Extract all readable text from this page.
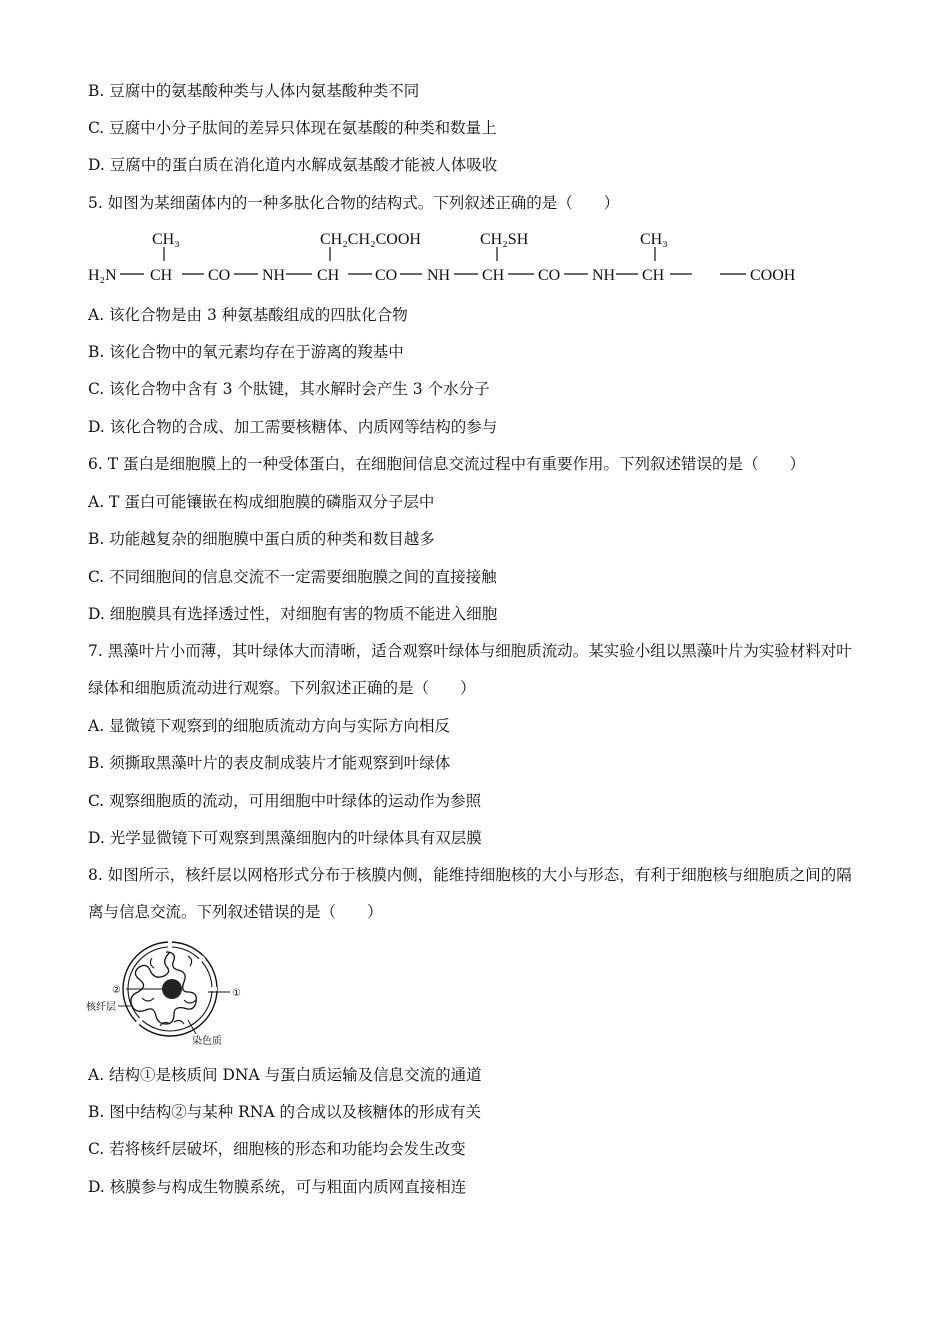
B. 豆腐中的氨基酸种类与人体内氨基酸种类不同
C. 豆腐中小分子肽间的差异只体现在氨基酸的种类和数量上
D. 豆腐中的蛋白质在消化道内水解成氨基酸才能被人体吸收
5. 如图为某细菌体内的一种多肽化合物的结构式。下列叙述正确的是（　　）
H₂N CH CO NH CH CO NH CH CO NH CH	COOH
CH₃	CH₂CH₂COOH	CH₂SH	CH₃
A. 该化合物是由 3 种氨基酸组成的四肽化合物
B. 该化合物中的氧元素均存在于游离的羧基中
C. 该化合物中含有 3 个肽键，其水解时会产生 3 个水分子
D. 该化合物的合成、加工需要核糖体、内质网等结构的参与
6. T 蛋白是细胞膜上的一种受体蛋白，在细胞间信息交流过程中有重要作用。下列叙述错误的是（　　）
A. T 蛋白可能镶嵌在构成细胞膜的磷脂双分子层中
B. 功能越复杂的细胞膜中蛋白质的种类和数目越多
C. 不同细胞间的信息交流不一定需要细胞膜之间的直接接触
D. 细胞膜具有选择透过性，对细胞有害的物质不能进入细胞
7. 黑藻叶片小而薄，其叶绿体大而清晰，适合观察叶绿体与细胞质流动。某实验小组以黑藻叶片为实验材料对叶绿体和细胞质流动进行观察。下列叙述正确的是（　　）
A. 显微镜下观察到的细胞质流动方向与实际方向相反
B. 须撕取黑藻叶片的表皮制成装片才能观察到叶绿体
C. 观察细胞质的流动，可用细胞中叶绿体的运动作为参照
D. 光学显微镜下可观察到黑藻细胞内的叶绿体具有双层膜
8. 如图所示，核纤层以网格形式分布于核膜内侧，能维持细胞核的大小与形态，有利于细胞核与细胞质之间的隔离与信息交流。下列叙述错误的是（　　）
②	①
核纤层
染色质
A. 结构①是核质间 DNA 与蛋白质运输及信息交流的通道
B. 图中结构②与某种 RNA 的合成以及核糖体的形成有关
C. 若将核纤层破坏，细胞核的形态和功能均会发生改变
D. 核膜参与构成生物膜系统，可与粗面内质网直接相连
